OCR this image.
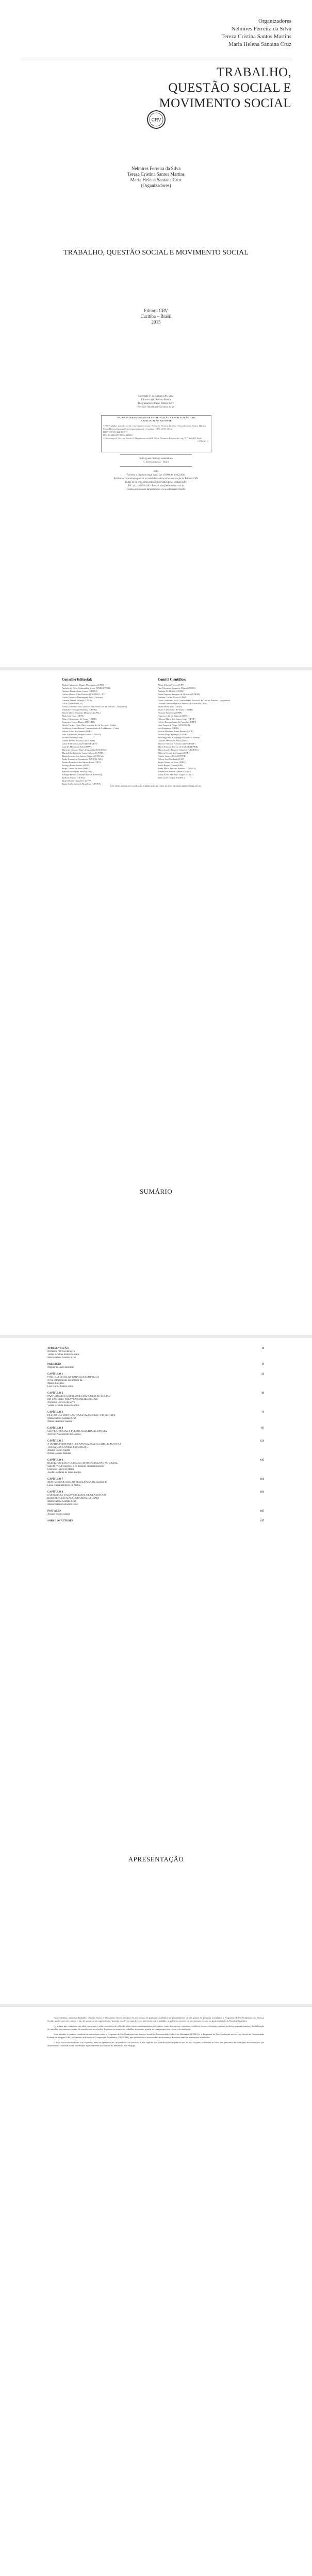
Organizadores
Nelmires Ferreira da Silva
Tereza Cristina Santos Martins
Maria Helena Santana Cruz
TRABALHO,
QUESTÃO SOCIAL E
MOVIMENTO SOCIAL
CRV
Nelmires Ferreira da Silva
Tereza Cristina Santos Martins
Maria Helena Santana Cruz
(Organizadores)
TRABALHO, QUESTÃO SOCIAL E MOVIMENTO SOCIAL
Editora CRV
Curitiba – Brasil
2015
Copyright © da Editora CRV Ltda.
Editor-chefe: Railson Moura
Diagramação e Capa: Editora CRV
Revisão: Analista de Escrita e Artes
DADOS INTERNACIONAIS DE CATALOGAÇÃO NA PUBLICAÇÃO (CIP)
CATALOGAÇÃO NA FONTE
T758 Trabalho, questão social e movimento social / Nelmires Ferreira da Silva, Tereza Cristina Santos Martins, Maria Helena Santana Cruz (organizadoras) – Curitiba : CRV, 2015. 202 p.
ISBN 978-85-444-0000-0
DOI 10.24824/978854440000.0
1. Sociologia 2. Serviço Social 3. Movimento social I. Silva, Nelmires Ferreira da. org. II. Título III. Série.
CDD 361.1
Índice para catálogo sistemático
1. Serviço social – 361.1
2015
Foi feito o depósito legal conf. Lei 10.994 de 14/12/2004
Proibida a reprodução parcial ou total desta obra sem autorização da Editora CRV
Todos os direitos desta edição reservados pela: Editora CRV
Tel.: (41) 3039-6418 – E-mail: sac@editoracrv.com.br
Conheça os nossos lançamentos: www.editoracrv.com.br
Conselho Editorial:
Aldira Guimarães Duarte Domínguez (UNB)
Andréia da Silva Quintanilha Sousa (UNIR/UFRN)
Antônio Pereira Gaio Júnior (UFRRJ)
Carlos Alberto Vilar Estêvão (UMINHO – PT)
Carlos Federico Dominguez Avila (Unieuro)
Carmen Tereza Velanga (UNIR)
Celso Conti (UFSCar)
Cesar Gerónimo Tello (Univer. Nacional Três de Febrero – Argentina)
Eduardo Fernandes Barbosa (UFMG)
Elione Maria Nogueira Diogenes (UFAL)
Élsio José Corá (UFFS)
Elizeu Clementino de Souza (UNEB)
Francisco Carlos Duarte (PUC-PR)
Gloria Fariñas León (Universidade de La Havana – Cuba)
Guillermo Arias Beatón (Universidade de La Havana – Cuba)
Jailson Alves dos Santos (UFRJ)
João Adalberto Campato Junior (UNESP)
Josania Portela (UFPI)
Leonel Severo Rocha (UNISINOS)
Lídia de Oliveira Xavier (UNIEURO)
Lourdes Helena da Silva (UFV)
Maria de Lourdes Pinto de Almeida (UNOESC)
Maria Lília Imbiriba Sousa Colares (UFOPA)
Maria Cristina dos Santos Bezerra (UFSCar)
Paulo Romualdo Hernandes (UNIFAL-MG)
Renato Francisco dos Santos Paula (UFG)
Rodrigo Pratte-Santos (UFES)
Sérgio Nunes de Jesus (IFRO)
Simone Rodrigues Pinto (UNB)
Solange Helena Ximenes-Rocha (UFOPA)
Sydione Santos (UEPG)
Tadeu Oliver Gonçalves (UFPA)
Tania Suely Azevedo Brasileiro (UFOPA)
Comitê Científico:
Altair Alberto Fávero (UPF)
Ana Chrystina Venancio Mignot (UERJ)
Andréia N. Militão (UEMS)
Anna Augusta Sampaio de Oliveira (UNESP)
Barbara Coelho Neves (UFBA)
Cesar Gerónimo Tello (Universidad Nacional de Três de Febrero – Argentina)
Diosnel Centurion (Univ Americ. de Asunción – Py)
Eliane Rose Maio (UEM)
Elizeu Clementino de Souza (UNEB)
Fauston Negreiros (UFPI)
Francisco Ari de Andrade (UFC)
Gláucia Maria dos Santos Jorge (UFOP)
Helder Buenos Aires de Carvalho (UFPI)
Ilma Passos A. Veiga (UNICEUB)
Inês Bragança (UERJ)
José de Ribamar Sousa Pereira (UCB)
Jussara Fraga Portugal (UNEB)
Kilwangy Kya Kapitango-a-Samba (Unemat)
Lourdes Helena da Silva (UFV)
Marcos Vinicius Francisco (UNOESTE)
Maria Eurácia Barreto de Andrade (UFRB)
Maria Lurdes Pinto de Almeida (UNOESC)
Mônica Pereira dos Santos (UFRJ)
Najela Tavares Ujiie (UTFPR)
Nilson José Machado (USP)
Sérgio Nunes de Jesus (IFRO)
Silvia Regina Canan (URI)
Sonia Maria Ferreira Koehler (UNISAL)
Suzana dos Santos Gomes (UFMG)
Vânia Alves Martins Chaigar (FURG)
Vera Lucia Gaspar (UDESC)
Este livro passou por avaliação e aprovação às cegas de dois ou mais pareceristas ad hoc.
SUMÁRIO
APRESENTAÇÃO	11
Nelmires Ferreira da Silva
Tereza Cristina Santos Martins
Maria Helena Santana Cruz
PREFÁCIO	17
Miguel de Oliva Borralho
CAPÍTULO 1	23
POLÍTICA ESCOLAR PARA A DESEMPREGO:
Nova compreensão econômica da:
Mauro Luis Iasi
Luiz Carlos Santos Silva
CAPÍTULO 2	43
PAZ: CAUSAS E EXPRESSÕES DA "QUESTÃO SOCIAL"
EM SÃO LUÍS: PALAVRAS EMERGENCIAIS
Nelmires Ferreira da Silva
Tereza Cristina Santos Martins
CAPÍTULO 3	71
DESENVOLVIMENTO E "QUESTÃO SOCIAL" EM SERGIPE
Maria Helena Santana Cruz
Maria Valdenice Santos
CAPÍTULO 4	97
SERVIÇO SOCIAL E POLÍTICA SEGREGACIONISTA
Jeferson Nascimento dos Santos
CAPÍTULO 5	121
A OUTRA PERMANENTE EXPANSÃO DA FLEXIBILIZAÇÃO NA
TERRA DAS CANTAS EM SERGIPE
Josiane Soares Santos
Nilma Rosane Santana
CAPÍTULO 6	145
REBELDIAS E REVOLUÇÕES AFRO-INDÍGENAS NO BRASIL
SÉRIO PARA: questões e os desafios contemporâneos
Cristiano Lopes de Matos
Josefa Lusitânia de Jesus Borges
CAPÍTULO 7	161
MOVIMENTOS SOCIAIS NA DESPESA DE SERGIPE
Luíza Tâmara Ribeiro de Matos
CAPÍTULO 8	181
EXPRESSÕES DA DIVERSIDADE DE GÊNERO NAS
RESISTÊNCIAS AO LABOR/OBRA DA LAMA
Maria Helena Santana Cruz
Maria Nataliá Gutierrez Cruz
POSFÁCIO	195
Josiane Soares Santos
SOBRE OS AUTORES	197
APRESENTAÇÃO

Esta coletânea, intitulada Trabalho, Questão Social e Movimento Social, resultou de um esforço de produção acadêmica de pesquisadores de três grupos de pesquisa vinculados a Programas de Pós-Graduação em Serviço Social, que tiveram em comum o fato de pensarem as expressões da "questão social" em suas diversas interfaces com o trabalho, as políticas sociais e os movimentos sociais, na particularidade do Nordeste brasileiro.

Os artigos que compõem esta obra expressam o esforço coletivo de reflexão sobre temas contemporâneos relevantes, como desemprego estrutural, violência, desenvolvimento regional, políticas segregacionistas, flexibilização do trabalho, movimentos sociais de resistência e as relações de gênero no mundo do trabalho, abordados a partir de uma perspectiva crítica e de totalidade.

Esse trabalho é também resultado da articulação entre o Programa de Pós-Graduação em Serviço Social da Universidade Federal do Maranhão (UFMA) e o Programa de Pós-Graduação em Serviço Social da Universidade Federal de Sergipe (UFS), no âmbito do Projeto de Cooperação Acadêmica (PROCAD), que possibilitou o intercâmbio de docentes e discentes entre as instituições envolvidas.

O livro está estruturado em oito capítulos, além da apresentação, do prefácio e do posfácio. Cada capítulo traz contribuições singulares que, no seu conjunto, oferecem ao leitor um panorama das múltiplas determinações que atravessam a realidade social nordestina, especialmente nos estados do Maranhão e de Sergipe.
